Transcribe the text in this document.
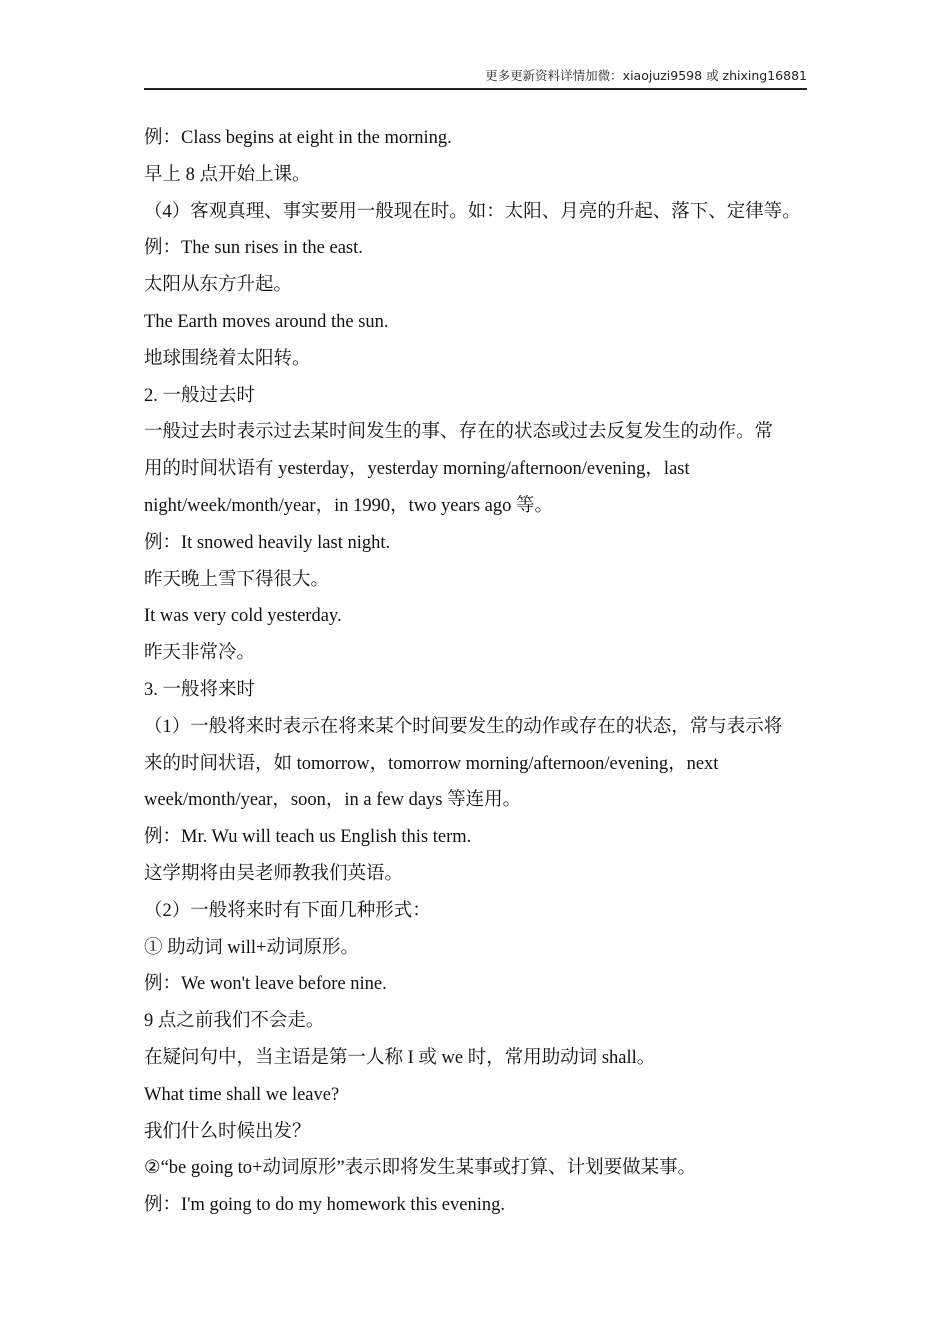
更多更新资料详情加微：xiaojuzi9598 或 zhixing16881
例：Class begins at eight in the morning.
早上 8 点开始上课。
（4）客观真理、事实要用一般现在时。如：太阳、月亮的升起、落下、定律等。
例：The sun rises in the east.
太阳从东方升起。
The Earth moves around the sun.
地球围绕着太阳转。
2. 一般过去时
一般过去时表示过去某时间发生的事、存在的状态或过去反复发生的动作。常
用的时间状语有 yesterday，yesterday morning/afternoon/evening，last
night/week/month/year，in 1990，two years ago 等。
例：It snowed heavily last night.
昨天晚上雪下得很大。
It was very cold yesterday.
昨天非常冷。
3. 一般将来时
（1）一般将来时表示在将来某个时间要发生的动作或存在的状态，常与表示将
来的时间状语，如 tomorrow，tomorrow morning/afternoon/evening，next
week/month/year，soon，in a few days 等连用。
例：Mr. Wu will teach us English this term.
这学期将由吴老师教我们英语。
（2）一般将来时有下面几种形式：
① 助动词 will+动词原形。
例：We won't leave before nine.
9 点之前我们不会走。
在疑问句中，当主语是第一人称 I 或 we 时，常用助动词 shall。
What time shall we leave?
我们什么时候出发？
②“be going to+动词原形”表示即将发生某事或打算、计划要做某事。
例：I'm going to do my homework this evening.
